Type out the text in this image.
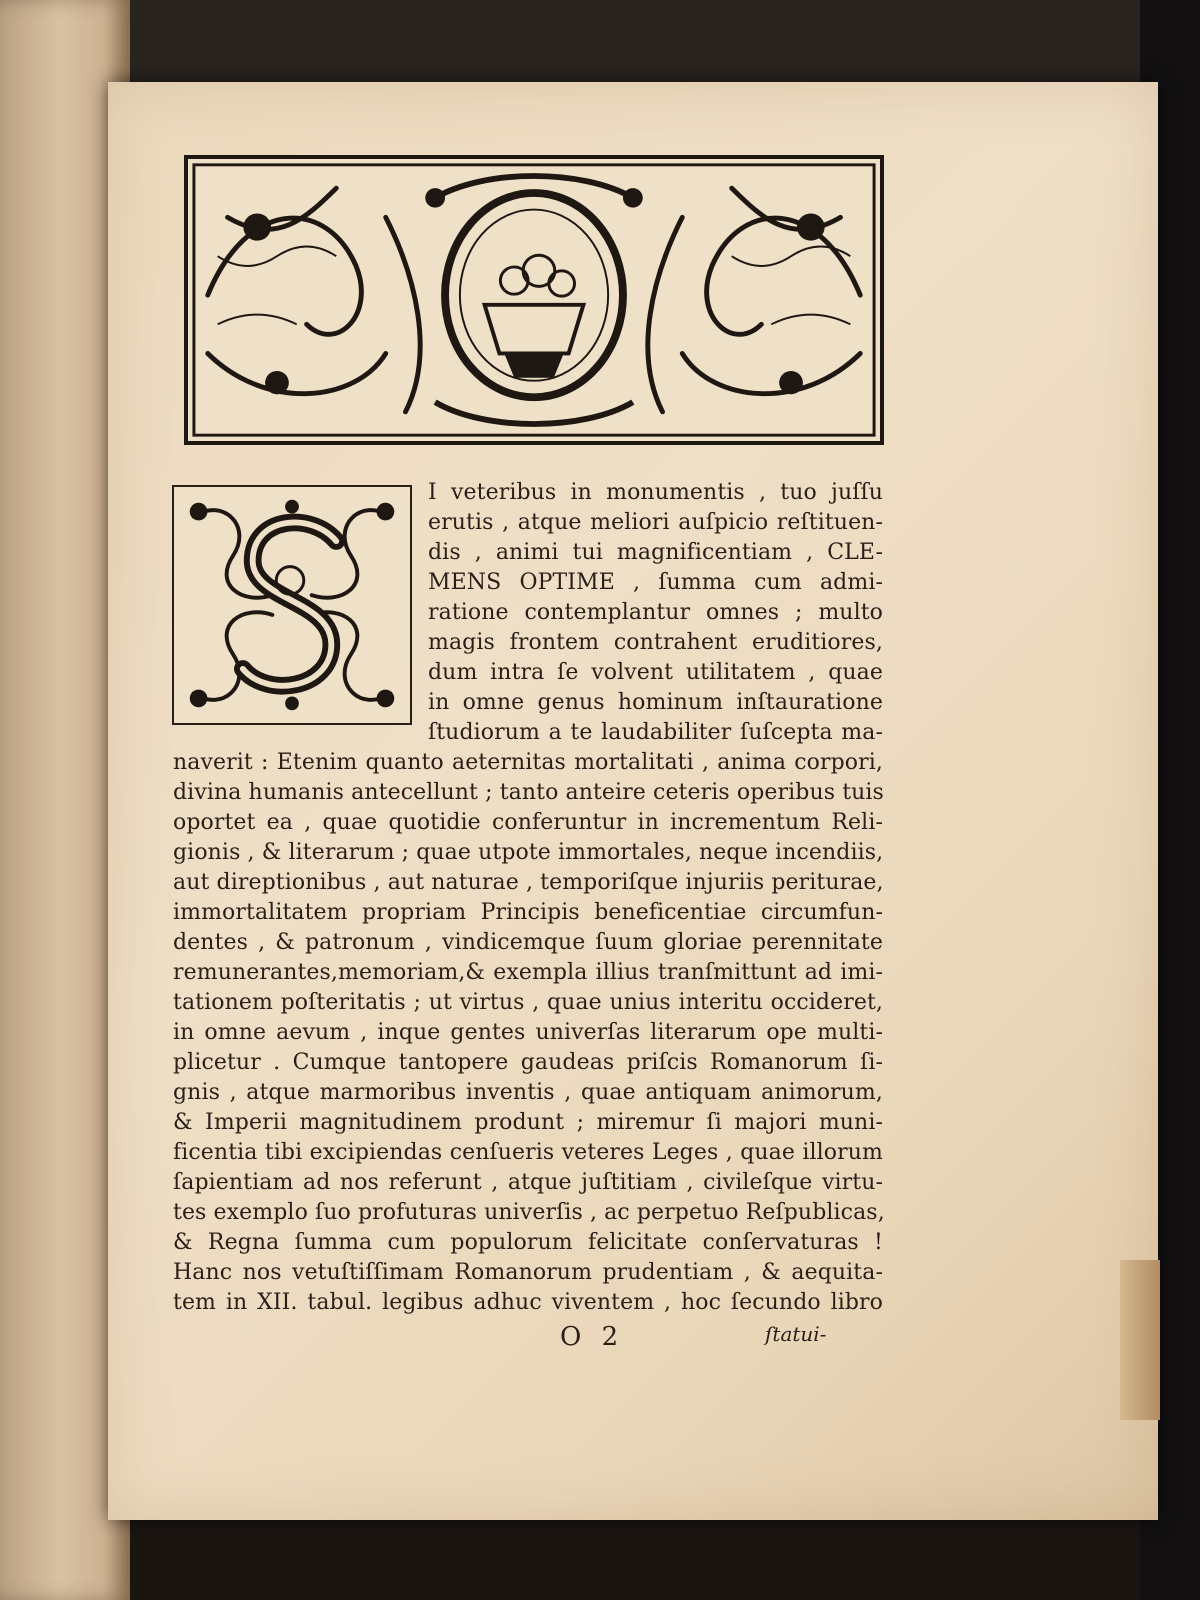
I veteribus in monumentis , tuo juſſu
erutis , atque meliori auſpicio reſtituen-
dis , animi tui magnificentiam , CLE-
MENS OPTIME , ſumma cum admi-
ratione contemplantur omnes ; multo
magis frontem contrahent eruditiores,
dum intra ſe volvent utilitatem , quae
in omne genus hominum inſtauratione
ſtudiorum a te laudabiliter ſuſcepta ma-
naverit : Etenim quanto aeternitas mortalitati , anima corpori,
divina humanis antecellunt ; tanto anteire ceteris operibus tuis
oportet ea , quae quotidie conferuntur in incrementum Reli-
gionis , & literarum ; quae utpote immortales, neque incendiis,
aut direptionibus , aut naturae , temporiſque injuriis periturae,
immortalitatem propriam Principis beneficentiae circumfun-
dentes , & patronum , vindicemque ſuum gloriae perennitate
remunerantes,memoriam,& exempla illius tranſmittunt ad imi-
tationem poſteritatis ; ut virtus , quae unius interitu occideret,
in omne aevum , inque gentes univerſas literarum ope multi-
plicetur . Cumque tantopere gaudeas priſcis Romanorum ſi-
gnis , atque marmoribus inventis , quae antiquam animorum,
& Imperii magnitudinem produnt ; miremur ſi majori muni-
ficentia tibi excipiendas cenſueris veteres Leges , quae illorum
ſapientiam ad nos referunt , atque juſtitiam , civileſque virtu-
tes exemplo ſuo profuturas univerſis , ac perpetuo Reſpublicas,
& Regna ſumma cum populorum felicitate conſervaturas !
Hanc nos vetuſtiſſimam Romanorum prudentiam , & aequita-
tem in XII. tabul. legibus adhuc viventem , hoc ſecundo libro
O 2	ſtatui-
